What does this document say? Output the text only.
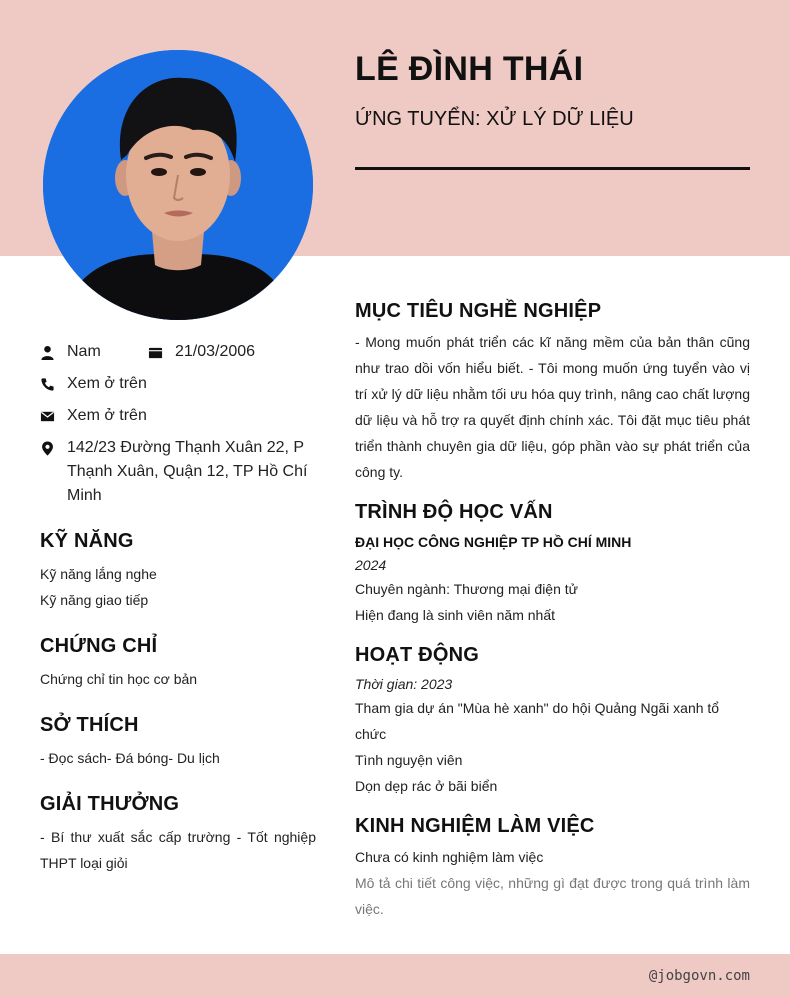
LÊ ĐÌNH THÁI
ỨNG TUYỂN: XỬ LÝ DỮ LIỆU
Nam	21/03/2006
Xem ở trên
Xem ở trên
142/23 Đường Thạnh Xuân 22, P Thạnh Xuân, Quận 12, TP Hồ Chí Minh
KỸ NĂNG
Kỹ năng lắng nghe
Kỹ năng giao tiếp
CHỨNG CHỈ
Chứng chỉ tin học cơ bản
SỞ THÍCH
- Đọc sách- Đá bóng- Du lịch
GIẢI THƯỞNG
- Bí thư xuất sắc cấp trường - Tốt nghiệp THPT loại giỏi
MỤC TIÊU NGHỀ NGHIỆP
- Mong muốn phát triển các kĩ năng mềm của bản thân cũng như trao dồi vốn hiểu biết. - Tôi mong muốn ứng tuyển vào vị trí xử lý dữ liệu nhằm tối ưu hóa quy trình, nâng cao chất lượng dữ liệu và hỗ trợ ra quyết định chính xác. Tôi đặt mục tiêu phát triển thành chuyên gia dữ liệu, góp phần vào sự phát triển của công ty.
TRÌNH ĐỘ HỌC VẤN
ĐẠI HỌC CÔNG NGHIỆP TP HỒ CHÍ MINH
2024
Chuyên ngành: Thương mại điện tử
Hiện đang là sinh viên năm nhất
HOẠT ĐỘNG
Thời gian: 2023
Tham gia dự án "Mùa hè xanh" do hội Quảng Ngãi xanh tổ chức
Tình nguyện viên
Dọn dẹp rác ở bãi biển
KINH NGHIỆM LÀM VIỆC
Chưa có kinh nghiệm làm việc
Mô tả chi tiết công việc, những gì đạt được trong quá trình làm việc.
@jobgovn.com
